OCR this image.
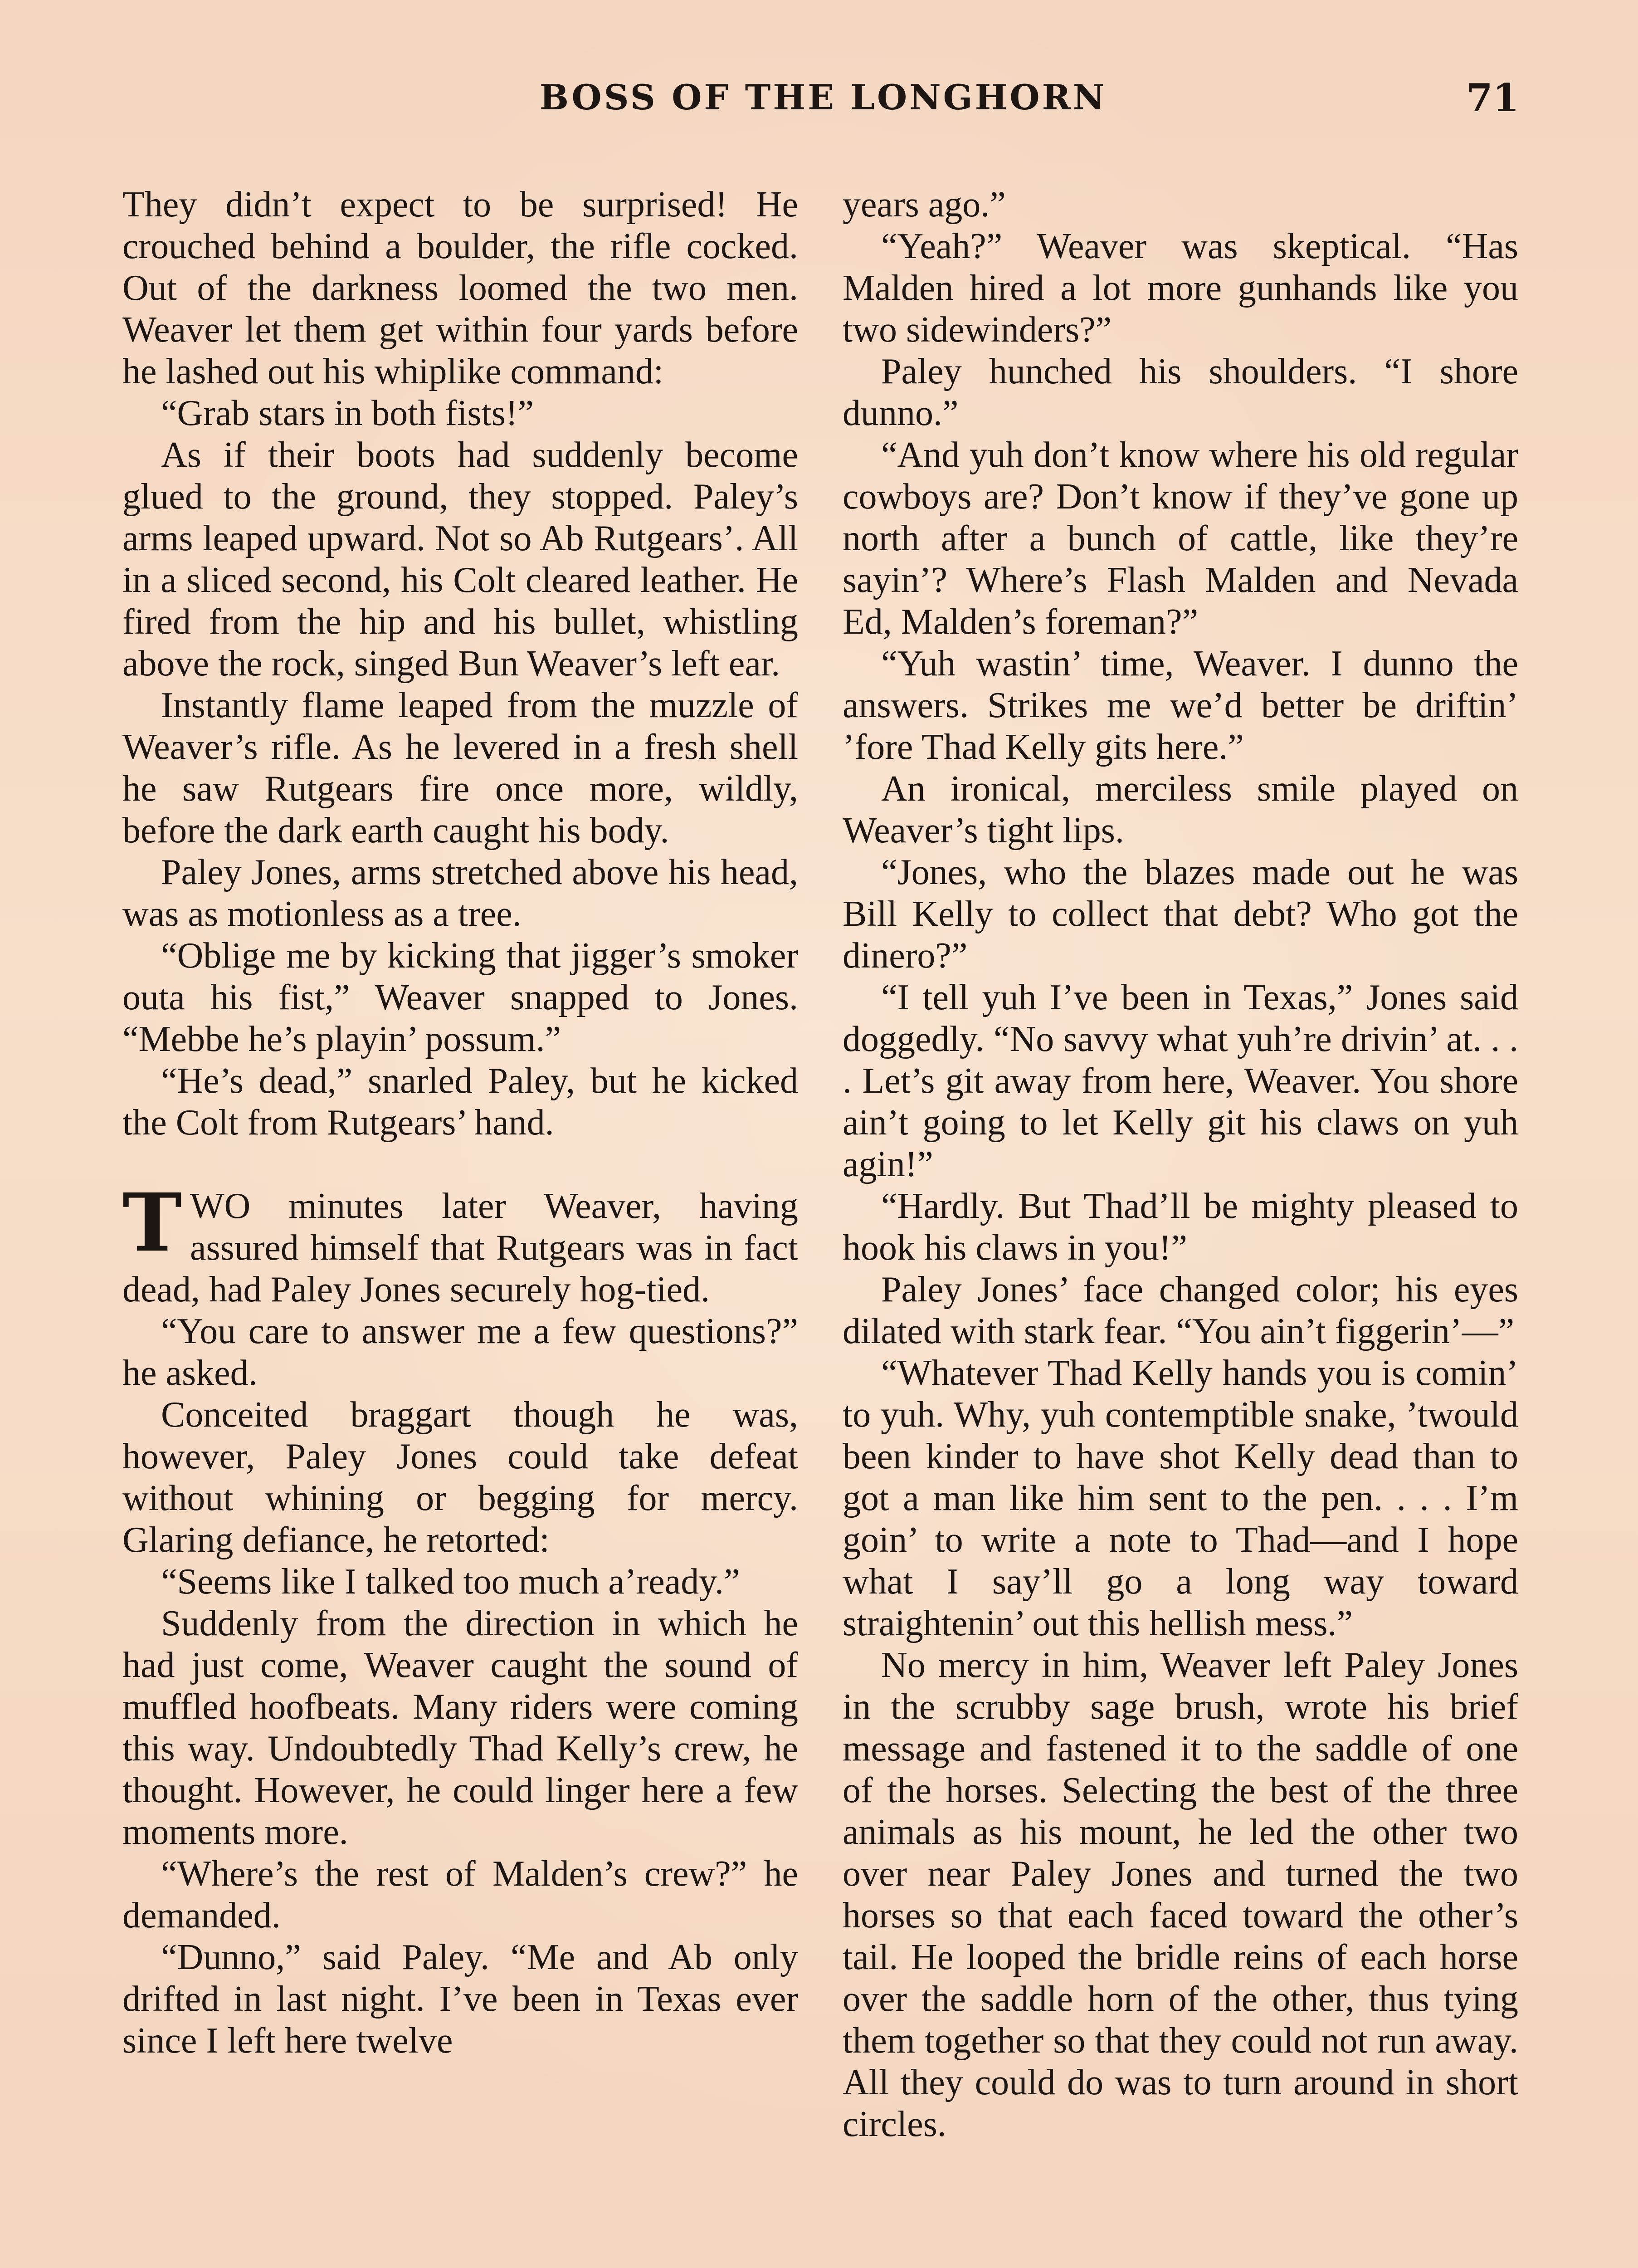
BOSS OF THE LONGHORN	71

They didn’t expect to be surprised! He crouched behind a boulder, the rifle cocked. Out of the darkness loomed the two men. Weaver let them get within four yards before he lashed out his whiplike command:

“Grab stars in both fists!”

As if their boots had suddenly become glued to the ground, they stopped. Paley’s arms leaped upward. Not so Ab Rutgears’. All in a sliced second, his Colt cleared leather. He fired from the hip and his bullet, whistling above the rock, singed Bun Weaver’s left ear.

Instantly flame leaped from the muzzle of Weaver’s rifle. As he levered in a fresh shell he saw Rutgears fire once more, wildly, before the dark earth caught his body.

Paley Jones, arms stretched above his head, was as motionless as a tree.

“Oblige me by kicking that jigger’s smoker outa his fist,” Weaver snapped to Jones. “Mebbe he’s playin’ possum.”

“He’s dead,” snarled Paley, but he kicked the Colt from Rutgears’ hand.

TWO minutes later Weaver, having assured himself that Rutgears was in fact dead, had Paley Jones securely hog-tied.

“You care to answer me a few questions?” he asked.

Conceited braggart though he was, however, Paley Jones could take defeat without whining or begging for mercy. Glaring defiance, he retorted:

“Seems like I talked too much a’ready.”

Suddenly from the direction in which he had just come, Weaver caught the sound of muffled hoofbeats. Many riders were coming this way. Undoubtedly Thad Kelly’s crew, he thought. However, he could linger here a few moments more.

“Where’s the rest of Malden’s crew?” he demanded.

“Dunno,” said Paley. “Me and Ab only drifted in last night. I’ve been in Texas ever since I left here twelve

years ago.”

“Yeah?” Weaver was skeptical. “Has Malden hired a lot more gunhands like you two sidewinders?”

Paley hunched his shoulders. “I shore dunno.”

“And yuh don’t know where his old regular cowboys are? Don’t know if they’ve gone up north after a bunch of cattle, like they’re sayin’? Where’s Flash Malden and Nevada Ed, Malden’s foreman?”

“Yuh wastin’ time, Weaver. I dunno the answers. Strikes me we’d better be driftin’ ’fore Thad Kelly gits here.”

An ironical, merciless smile played on Weaver’s tight lips.

“Jones, who the blazes made out he was Bill Kelly to collect that debt? Who got the dinero?”

“I tell yuh I’ve been in Texas,” Jones said doggedly. “No savvy what yuh’re drivin’ at. . . . Let’s git away from here, Weaver. You shore ain’t going to let Kelly git his claws on yuh agin!”

“Hardly. But Thad’ll be mighty pleased to hook his claws in you!”

Paley Jones’ face changed color; his eyes dilated with stark fear. “You ain’t figgerin’—”

“Whatever Thad Kelly hands you is comin’ to yuh. Why, yuh contemptible snake, ’twould been kinder to have shot Kelly dead than to got a man like him sent to the pen. . . . I’m goin’ to write a note to Thad—and I hope what I say’ll go a long way toward straightenin’ out this hellish mess.”

No mercy in him, Weaver left Paley Jones in the scrubby sage brush, wrote his brief message and fastened it to the saddle of one of the horses. Selecting the best of the three animals as his mount, he led the other two over near Paley Jones and turned the two horses so that each faced toward the other’s tail. He looped the bridle reins of each horse over the saddle horn of the other, thus tying them together so that they could not run away. All they could do was to turn around in short circles.
